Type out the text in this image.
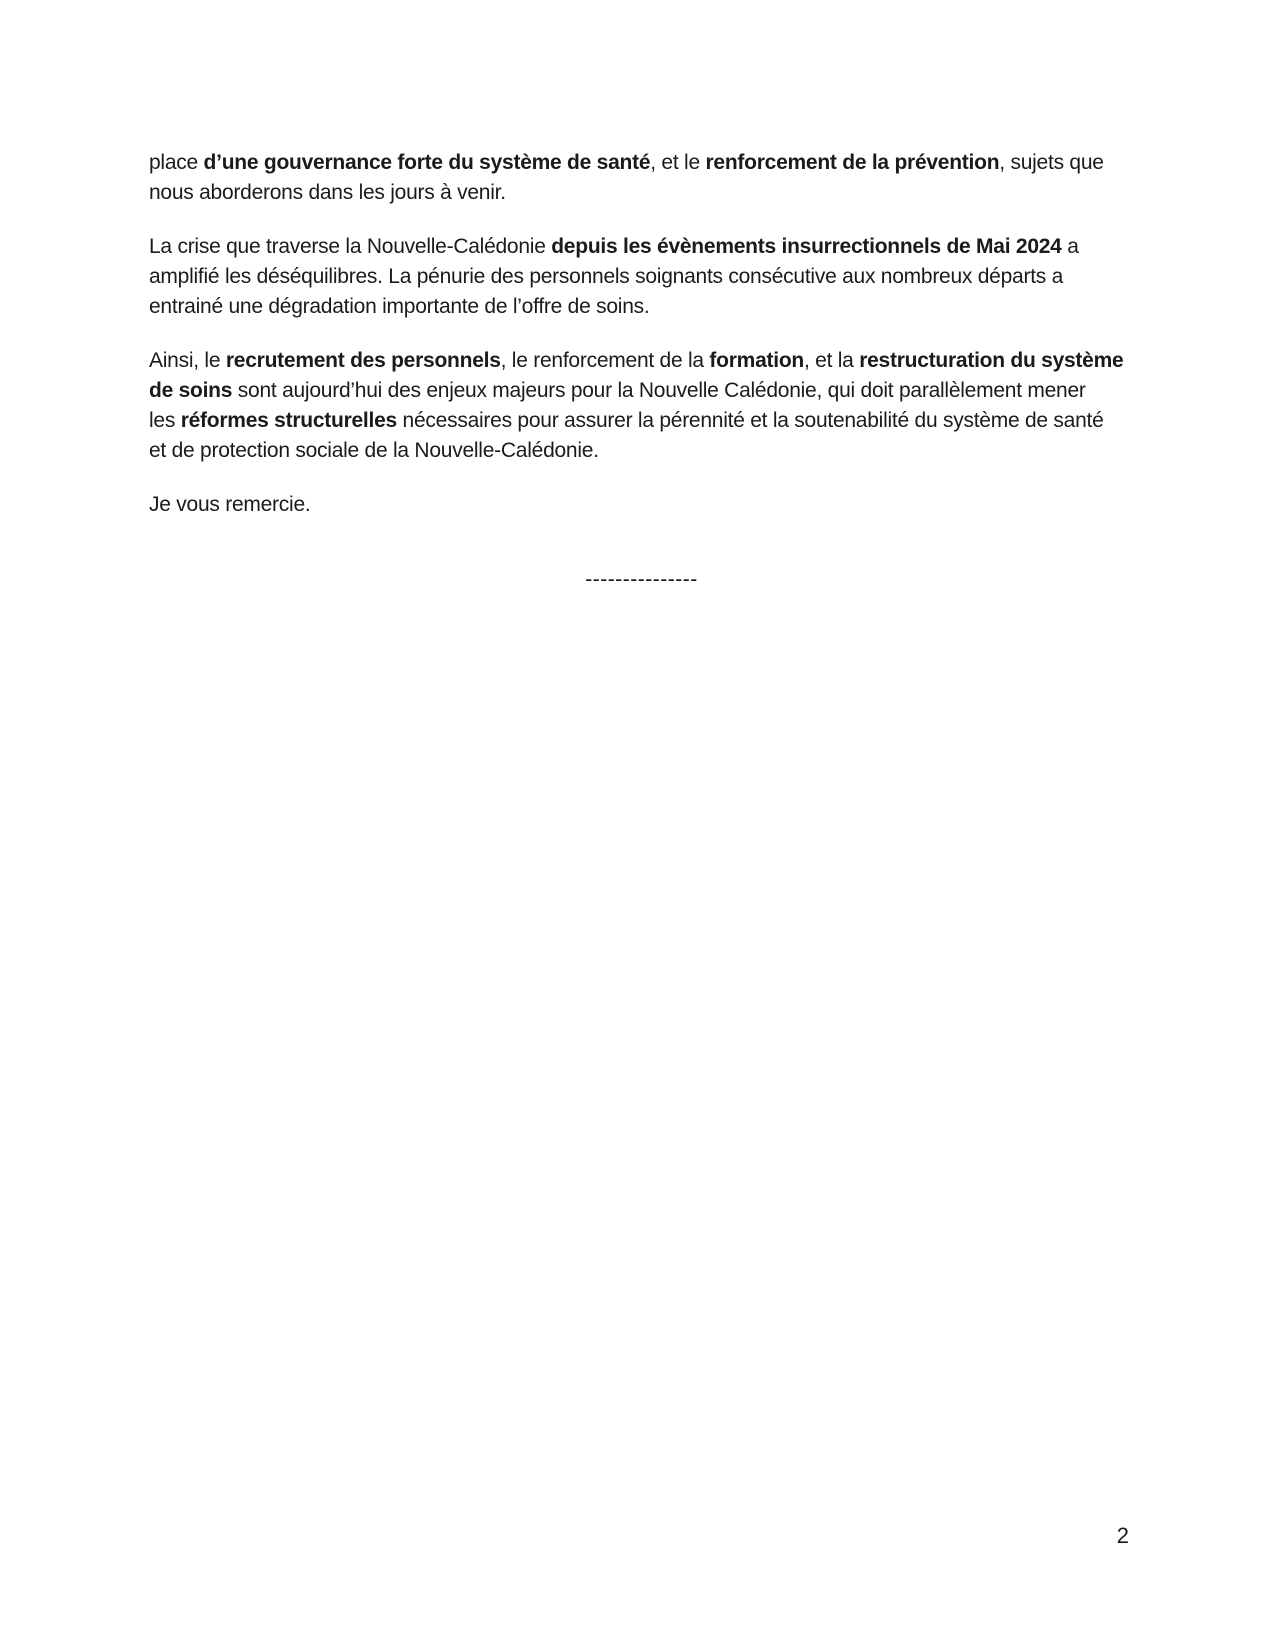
place d’une gouvernance forte du système de santé, et le renforcement de la prévention, sujets que
nous aborderons dans les jours à venir.
La crise que traverse la Nouvelle-Calédonie depuis les évènements insurrectionnels de Mai 2024 a
amplifié les déséquilibres. La pénurie des personnels soignants consécutive aux nombreux départs a
entrainé une dégradation importante de l’offre de soins.
Ainsi, le recrutement des personnels, le renforcement de la formation, et la restructuration du système
de soins sont aujourd’hui des enjeux majeurs pour la Nouvelle Calédonie, qui doit parallèlement mener
les réformes structurelles nécessaires pour assurer la pérennité et la soutenabilité du système de santé
et de protection sociale de la Nouvelle-Calédonie.
Je vous remercie.
---------------
2
